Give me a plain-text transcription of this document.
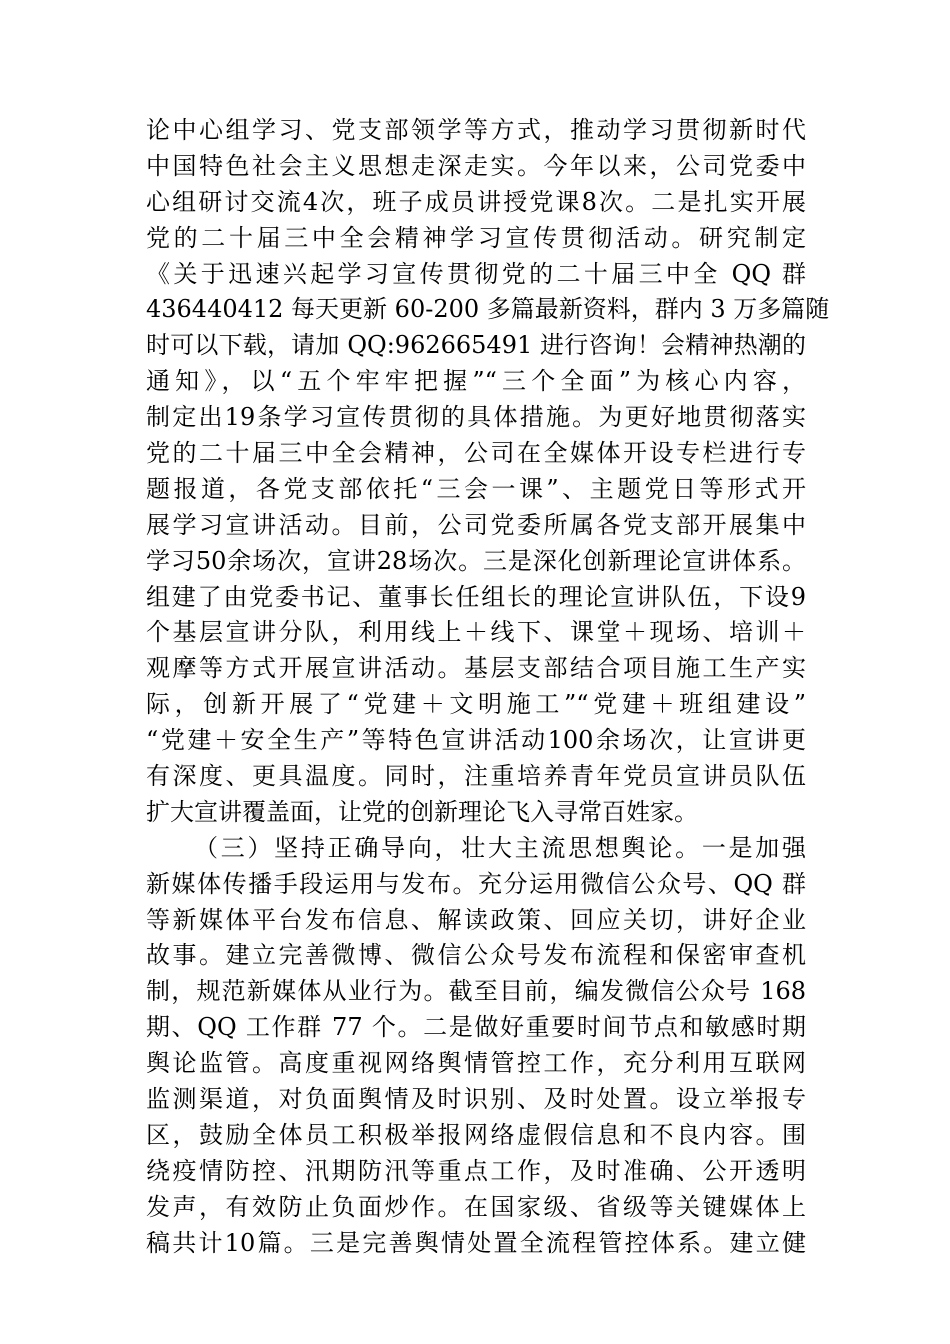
论中心组学习、党支部领学等方式，推动学习贯彻新时代
中国特色社会主义思想走深走实。今年以来，公司党委中
心组研讨交流4次，班子成员讲授党课8次。二是扎实开展
党的二十届三中全会精神学习宣传贯彻活动。研究制定
《关于迅速兴起学习宣传贯彻党的二十届三中全 QQ 群
436440412 每天更新 60-200 多篇最新资料，群内 3 万多篇随
时可以下载，请加 QQ:962665491 进行咨询！会精神热潮的
通知》，以“五个牢牢把握”“三个全面”为核心内容，
制定出19条学习宣传贯彻的具体措施。为更好地贯彻落实
党的二十届三中全会精神，公司在全媒体开设专栏进行专
题报道，各党支部依托“三会一课”、主题党日等形式开
展学习宣讲活动。目前，公司党委所属各党支部开展集中
学习50余场次，宣讲28场次。三是深化创新理论宣讲体系。
组建了由党委书记、董事长任组长的理论宣讲队伍，下设9
个基层宣讲分队，利用线上＋线下、课堂＋现场、培训＋
观摩等方式开展宣讲活动。基层支部结合项目施工生产实
际，创新开展了“党建＋文明施工”“党建＋班组建设”
“党建＋安全生产”等特色宣讲活动100余场次，让宣讲更
有深度、更具温度。同时，注重培养青年党员宣讲员队伍
扩大宣讲覆盖面，让党的创新理论飞入寻常百姓家。
（三）坚持正确导向，壮大主流思想舆论。一是加强
新媒体传播手段运用与发布。充分运用微信公众号、QQ 群
等新媒体平台发布信息、解读政策、回应关切，讲好企业
故事。建立完善微博、微信公众号发布流程和保密审查机
制，规范新媒体从业行为。截至目前，编发微信公众号 168
期、QQ 工作群 77 个。二是做好重要时间节点和敏感时期
舆论监管。高度重视网络舆情管控工作，充分利用互联网
监测渠道，对负面舆情及时识别、及时处置。设立举报专
区，鼓励全体员工积极举报网络虚假信息和不良内容。围
绕疫情防控、汛期防汛等重点工作，及时准确、公开透明
发声，有效防止负面炒作。在国家级、省级等关键媒体上
稿共计10篇。三是完善舆情处置全流程管控体系。建立健
